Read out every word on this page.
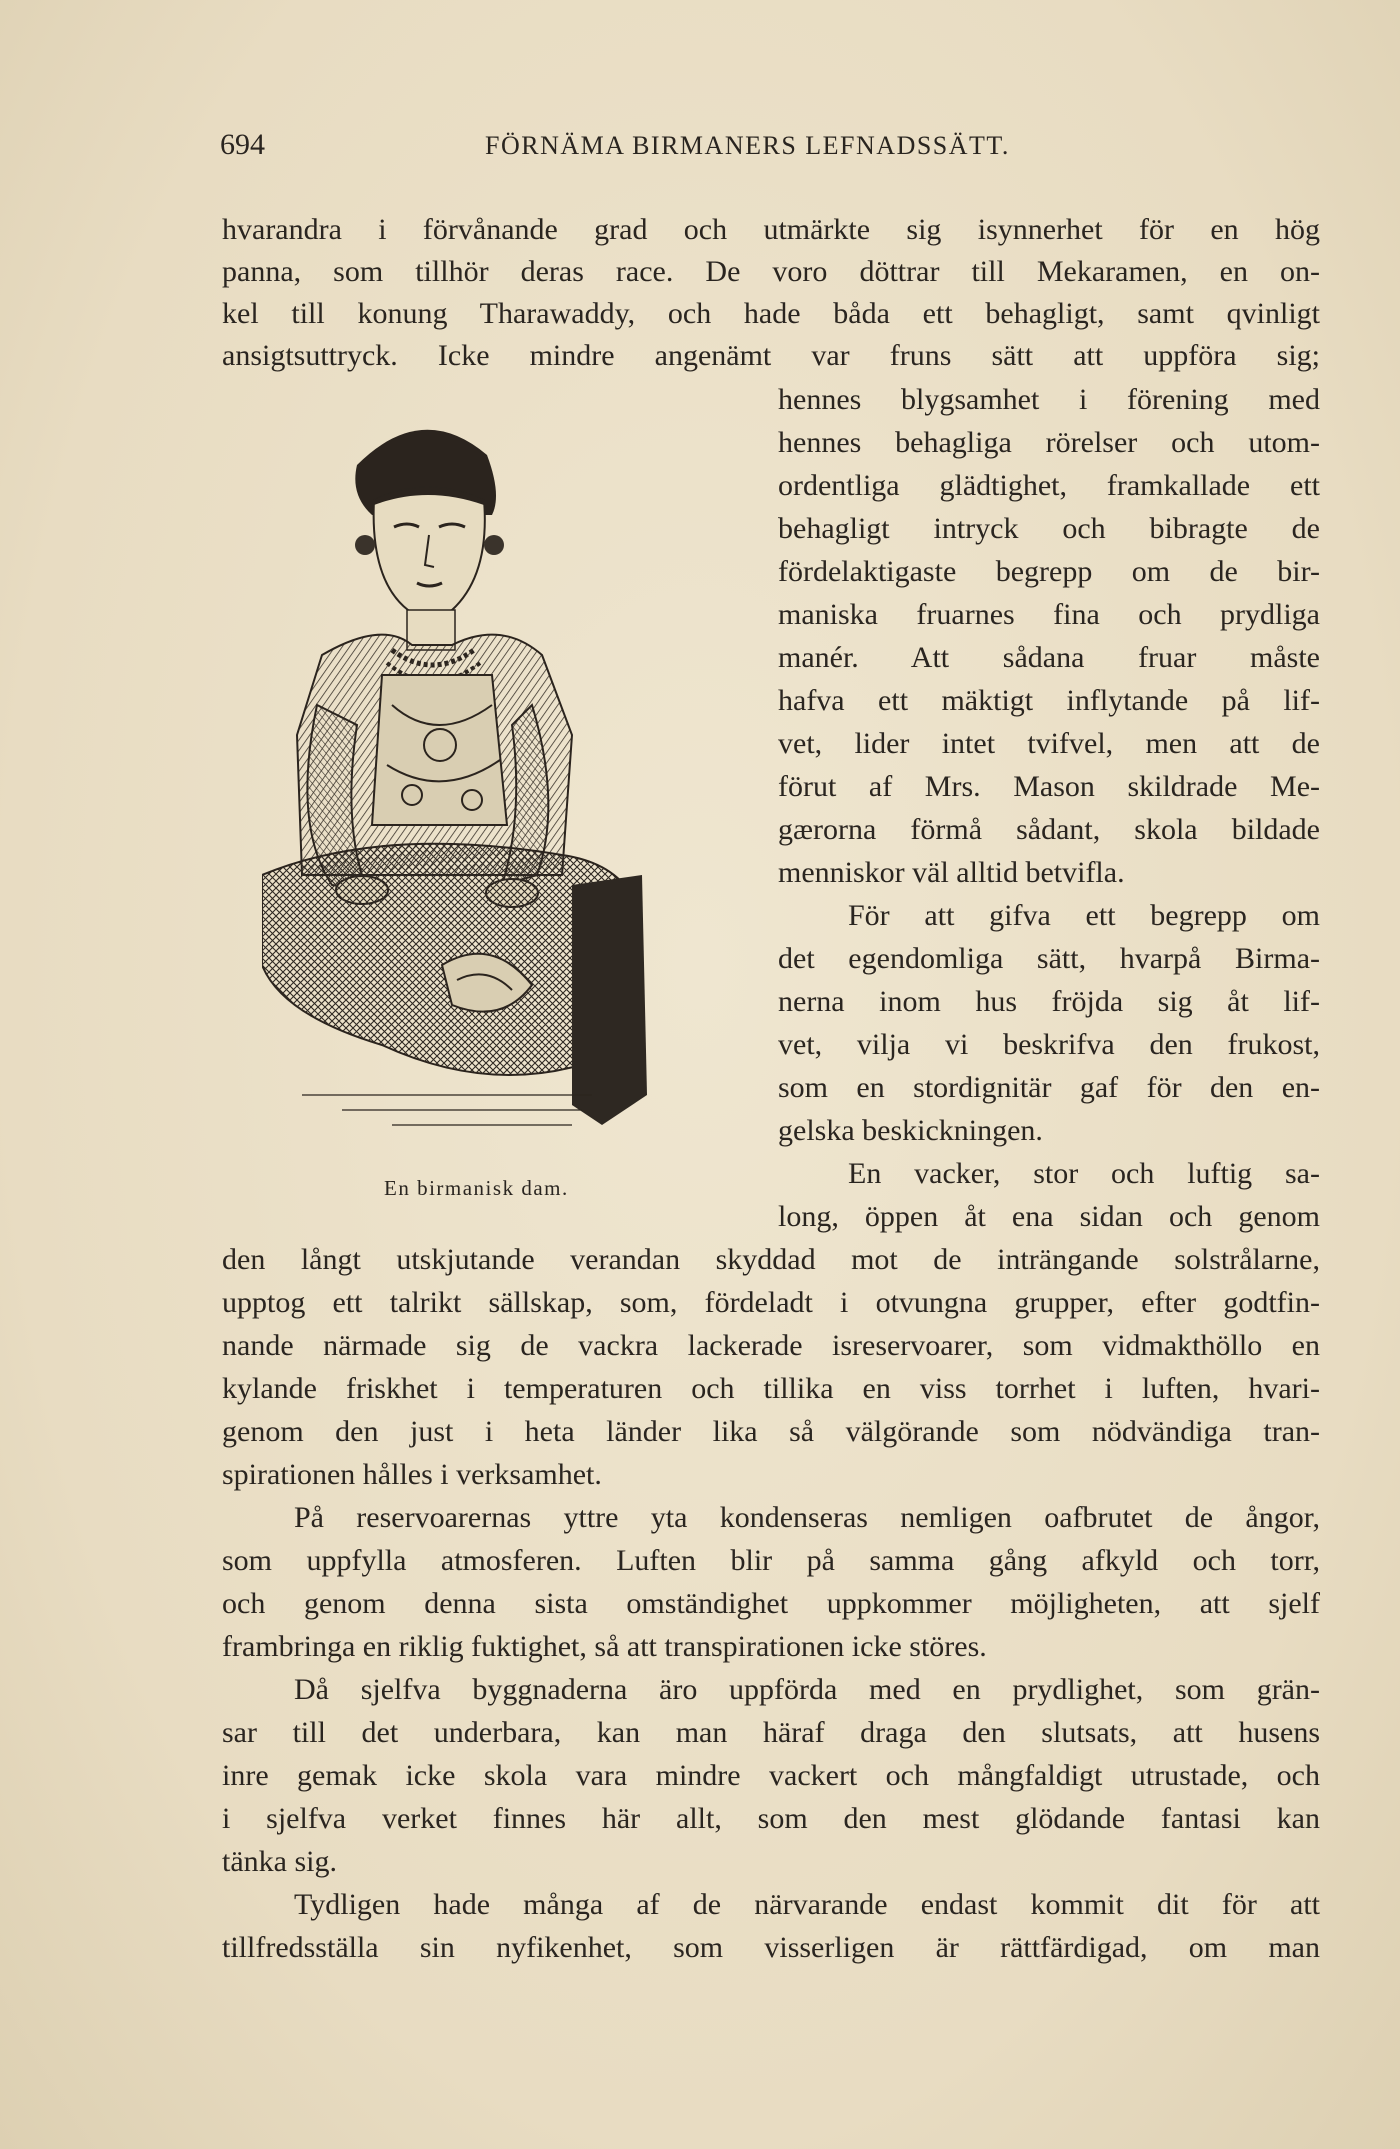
694	FÖRNÄMA BIRMANERS LEFNADSSÄTT.
hvarandra i förvånande grad och utmärkte sig isynnerhet för en hög
panna, som tillhör deras race. De voro döttrar till Mekaramen, en on-
kel till konung Tharawaddy, och hade båda ett behagligt, samt qvinligt
ansigtsuttryck. Icke mindre angenämt var fruns sätt att uppföra sig;
hennes blygsamhet i förening med
hennes behagliga rörelser och utom-
ordentliga glädtighet, framkallade ett
behagligt intryck och bibragte de
fördelaktigaste begrepp om de bir-
maniska fruarnes fina och prydliga
manér. Att sådana fruar måste
hafva ett mäktigt inflytande på lif-
vet, lider intet tvifvel, men att de
förut af Mrs. Mason skildrade Me-
gærorna förmå sådant, skola bildade
menniskor väl alltid betvifla.
För att gifva ett begrepp om
det egendomliga sätt, hvarpå Birma-
nerna inom hus fröjda sig åt lif-
vet, vilja vi beskrifva den frukost,
som en stordignitär gaf för den en-
gelska beskickningen.
En vacker, stor och luftig sa-
long, öppen åt ena sidan och genom
den långt utskjutande verandan skyddad mot de inträngande solstrålarne,
upptog ett talrikt sällskap, som, fördeladt i otvungna grupper, efter godtfin-
nande närmade sig de vackra lackerade isreservoarer, som vidmakthöllo en
kylande friskhet i temperaturen och tillika en viss torrhet i luften, hvari-
genom den just i heta länder lika så välgörande som nödvändiga tran-
spirationen hålles i verksamhet.
På reservoarernas yttre yta kondenseras nemligen oafbrutet de ångor,
som uppfylla atmosferen. Luften blir på samma gång afkyld och torr,
och genom denna sista omständighet uppkommer möjligheten, att sjelf
frambringa en riklig fuktighet, så att transpirationen icke störes.
Då sjelfva byggnaderna äro uppförda med en prydlighet, som grän-
sar till det underbara, kan man häraf draga den slutsats, att husens
inre gemak icke skola vara mindre vackert och mångfaldigt utrustade, och
i sjelfva verket finnes här allt, som den mest glödande fantasi kan
tänka sig.
Tydligen hade många af de närvarande endast kommit dit för att
tillfredsställa sin nyfikenhet, som visserligen är rättfärdigad, om man
En birmanisk dam.
